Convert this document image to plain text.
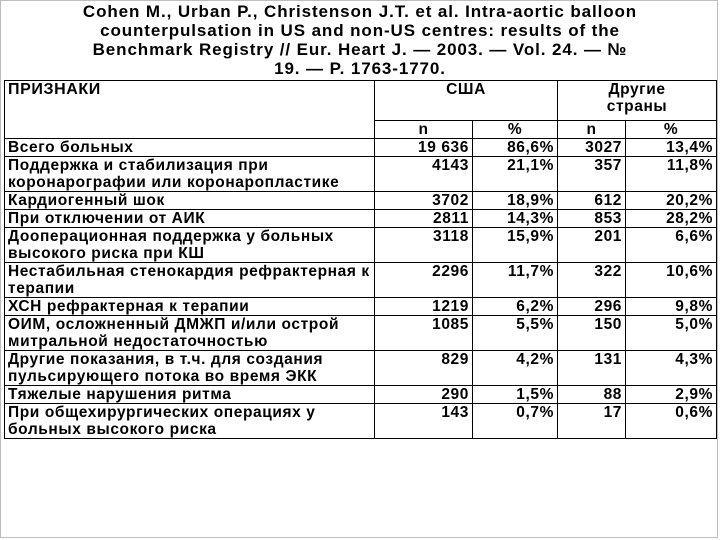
Cohen M., Urban P., Christenson J.T. et al. Intra-aortic balloon
counterpulsation in US and non-US centres: results of the
Benchmark Registry // Eur. Heart J. — 2003. — Vol. 24. — №
19. — P. 1763-1770.
ПРИЗНАКИ	США		Другие
страны	

	n	%	n	%
Всего больных	19 636	86,6%	3027	13,4%
Поддержка и стабилизация при коронарографии или коронаропластике	4143	21,1%	357	11,8%
Кардиогенный шок	3702	18,9%	612	20,2%
При отключении от АИК	2811	14,3%	853	28,2%
Дооперационная поддержка у больных высокого риска при КШ	3118	15,9%	201	6,6%
Нестабильная стенокардия рефрактерная к терапии	2296	11,7%	322	10,6%
ХСН рефрактерная к терапии	1219	6,2%	296	9,8%
ОИМ, осложненный ДМЖП и/или острой митральной недостаточностью	1085	5,5%	150	5,0%
Другие показания, в т.ч. для создания пульсирующего потока во время ЭКК	829	4,2%	131	4,3%
Тяжелые нарушения ритма	290	1,5%	88	2,9%
При общехирургических операциях у больных высокого риска	143	0,7%	17	0,6%
